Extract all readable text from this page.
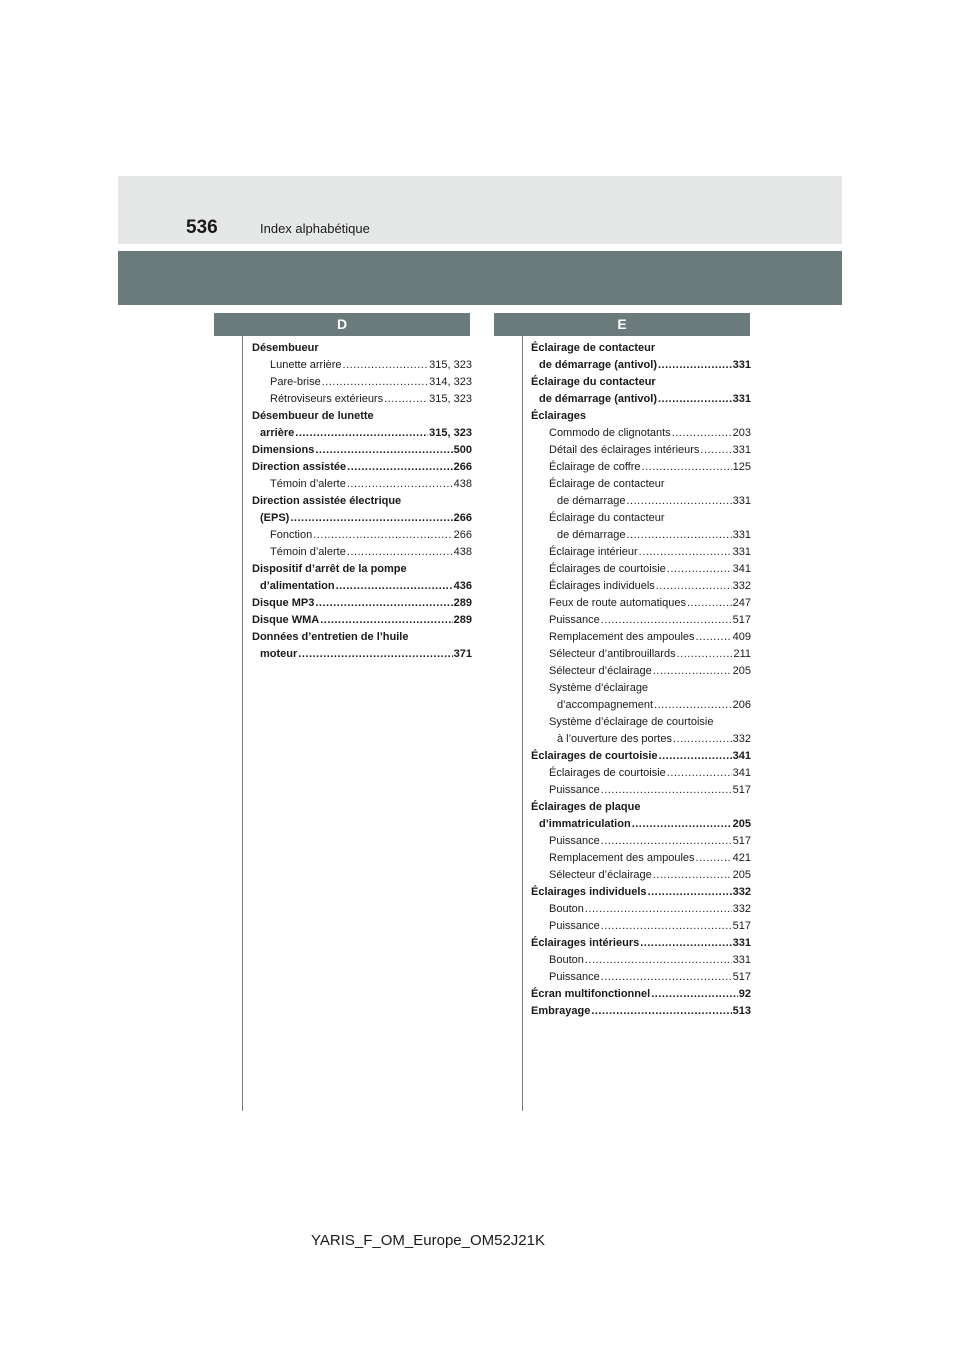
536	Index alphabétique
D	E
Désembueur
Lunette arrière .....	315, 323
Pare-brise .....	314, 323
Rétroviseurs extérieurs .....	315, 323
Désembueur de lunette
arrière .....	315, 323
Dimensions .....	500
Direction assistée .....	266
Témoin d’alerte .....	438
Direction assistée électrique
(EPS) .....	266
Fonction .....	266
Témoin d’alerte .....	438
Dispositif d’arrêt de la pompe
d’alimentation .....	436
Disque MP3 .....	289
Disque WMA .....	289
Données d’entretien de l’huile
moteur .....	371
Éclairage de contacteur
de démarrage (antivol) .....	331
Éclairage du contacteur
de démarrage (antivol) .....	331
Éclairages
Commodo de clignotants .....	203
Détail des éclairages intérieurs .....	331
Éclairage de coffre .....	125
Éclairage de contacteur
de démarrage .....	331
Éclairage du contacteur
de démarrage .....	331
Éclairage intérieur .....	331
Éclairages de courtoisie .....	341
Éclairages individuels .....	332
Feux de route automatiques .....	247
Puissance .....	517
Remplacement des ampoules .....	409
Sélecteur d’antibrouillards .....	211
Sélecteur d’éclairage .....	205
Système d’éclairage
d’accompagnement .....	206
Système d’éclairage de courtoisie
à l’ouverture des portes .....	332
Éclairages de courtoisie .....	341
Éclairages de courtoisie .....	341
Puissance .....	517
Éclairages de plaque
d’immatriculation .....	205
Puissance .....	517
Remplacement des ampoules .....	421
Sélecteur d’éclairage .....	205
Éclairages individuels .....	332
Bouton .....	332
Puissance .....	517
Éclairages intérieurs .....	331
Bouton .....	331
Puissance .....	517
Écran multifonctionnel .....	92
Embrayage .....	513
YARIS_F_OM_Europe_OM52J21K
